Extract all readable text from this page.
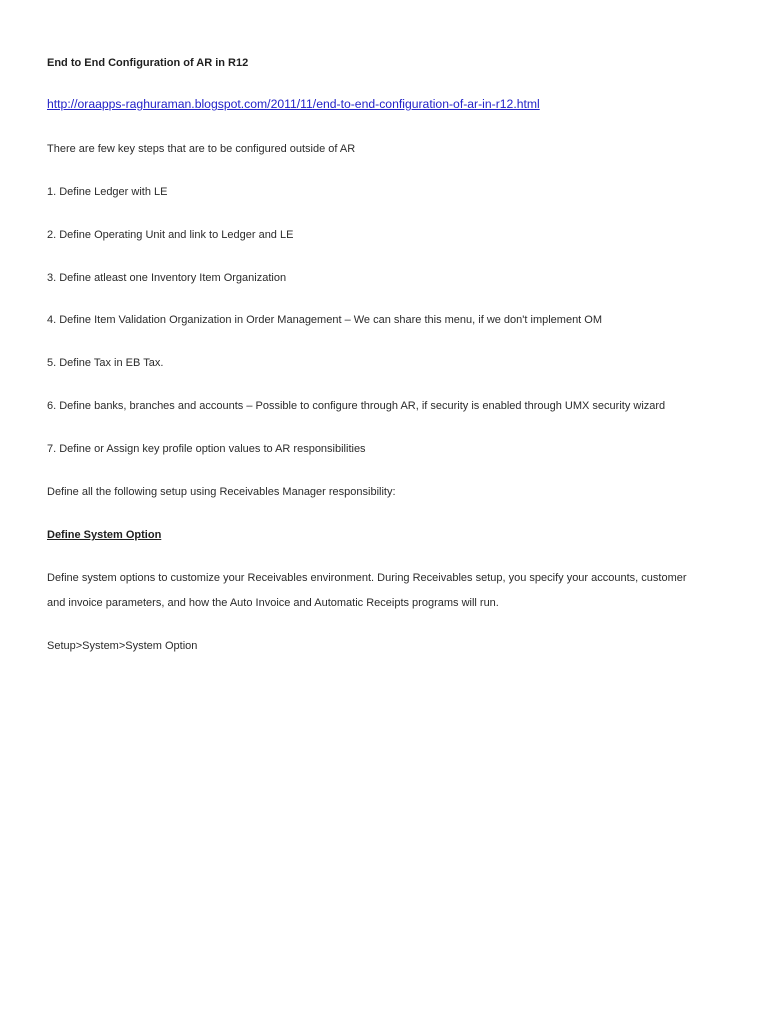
End to End Configuration of AR in R12
http://oraapps-raghuraman.blogspot.com/2011/11/end-to-end-configuration-of-ar-in-r12.html
There are few key steps that are to be configured outside of AR
1. Define Ledger with LE
2. Define Operating Unit and link to Ledger and LE
3. Define atleast one Inventory Item Organization
4. Define Item Validation Organization in Order Management – We can share this menu, if we don't implement OM
5. Define Tax in EB Tax.
6. Define banks, branches and accounts – Possible to configure through AR, if security is enabled through UMX security wizard
7. Define or Assign key profile option values to AR responsibilities
Define all the following setup using Receivables Manager responsibility:
Define System Option
Define system options to customize your Receivables environment. During Receivables setup, you specify your accounts, customer
and invoice parameters, and how the Auto Invoice and Automatic Receipts programs will run.
Setup>System>System Option
